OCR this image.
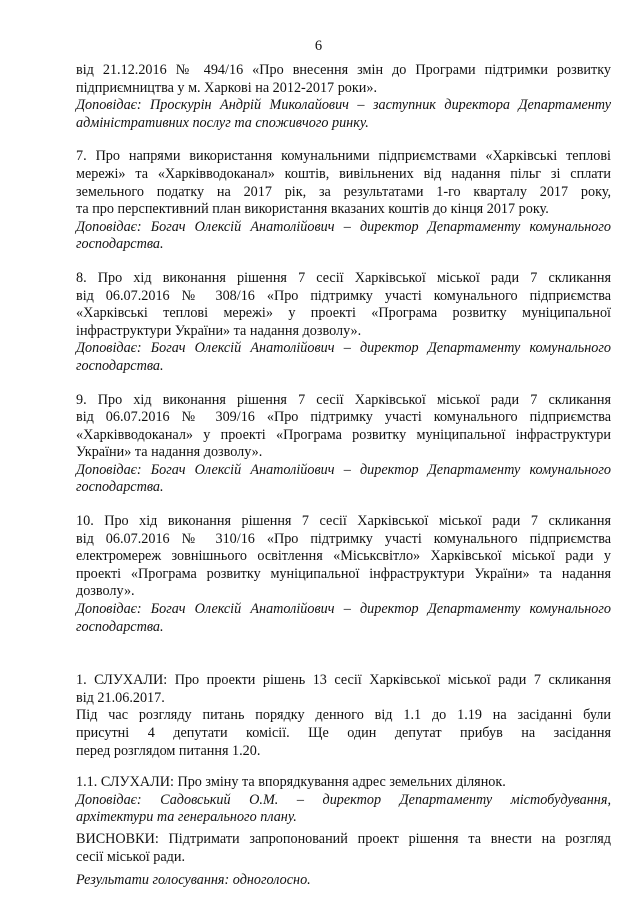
6

від 21.12.2016 № 494/16 «Про внесення змін до Програми підтримки розвитку

підприємництва у м. Харкові на 2012-2017 роки».

Доповідає: Проскурін Андрій Миколайович – заступник директора Департаменту

адміністративних послуг та споживчого ринку.

7. Про напрями використання комунальними підприємствами «Харківські теплові

мережі» та «Харківводоканал» коштів, вивільнених від надання пільг зі сплати

земельного податку на 2017 рік, за результатами 1-го кварталу 2017 року,

та про перспективний план використання вказаних коштів до кінця 2017 року.

Доповідає: Богач Олексій Анатолійович – директор Департаменту комунального

господарства.

8. Про хід виконання рішення 7 сесії Харківської міської ради 7 скликання

від 06.07.2016 № 308/16 «Про підтримку участі комунального підприємства

«Харківські теплові мережі» у проекті «Програма розвитку муніципальної

інфраструктури України» та надання дозволу».

Доповідає: Богач Олексій Анатолійович – директор Департаменту комунального

господарства.

9. Про хід виконання рішення 7 сесії Харківської міської ради 7 скликання

від 06.07.2016 № 309/16 «Про підтримку участі комунального підприємства

«Харківводоканал» у проекті «Програма розвитку муніципальної інфраструктури

України» та надання дозволу».

Доповідає: Богач Олексій Анатолійович – директор Департаменту комунального

господарства.

10. Про хід виконання рішення 7 сесії Харківської міської ради 7 скликання

від 06.07.2016 № 310/16 «Про підтримку участі комунального підприємства

електромереж зовнішнього освітлення «Міськсвітло» Харківської міської ради у

проекті «Програма розвитку муніципальної інфраструктури України» та надання

дозволу».

Доповідає: Богач Олексій Анатолійович – директор Департаменту комунального

господарства.

1. СЛУХАЛИ: Про проекти рішень 13 сесії Харківської міської ради 7 скликання

від 21.06.2017.

Під час розгляду питань порядку денного від 1.1 до 1.19 на засіданні були

присутні 4 депутати комісії. Ще один депутат прибув на засідання

перед розглядом питання 1.20.

1.1. СЛУХАЛИ: Про зміну та впорядкування адрес земельних ділянок.

Доповідає: Садовський О.М. – директор Департаменту містобудування,

архітектури та генерального плану.

ВИСНОВКИ: Підтримати запропонований проект рішення та внести на розгляд

сесії міської ради.

Результати голосування: одноголосно.
